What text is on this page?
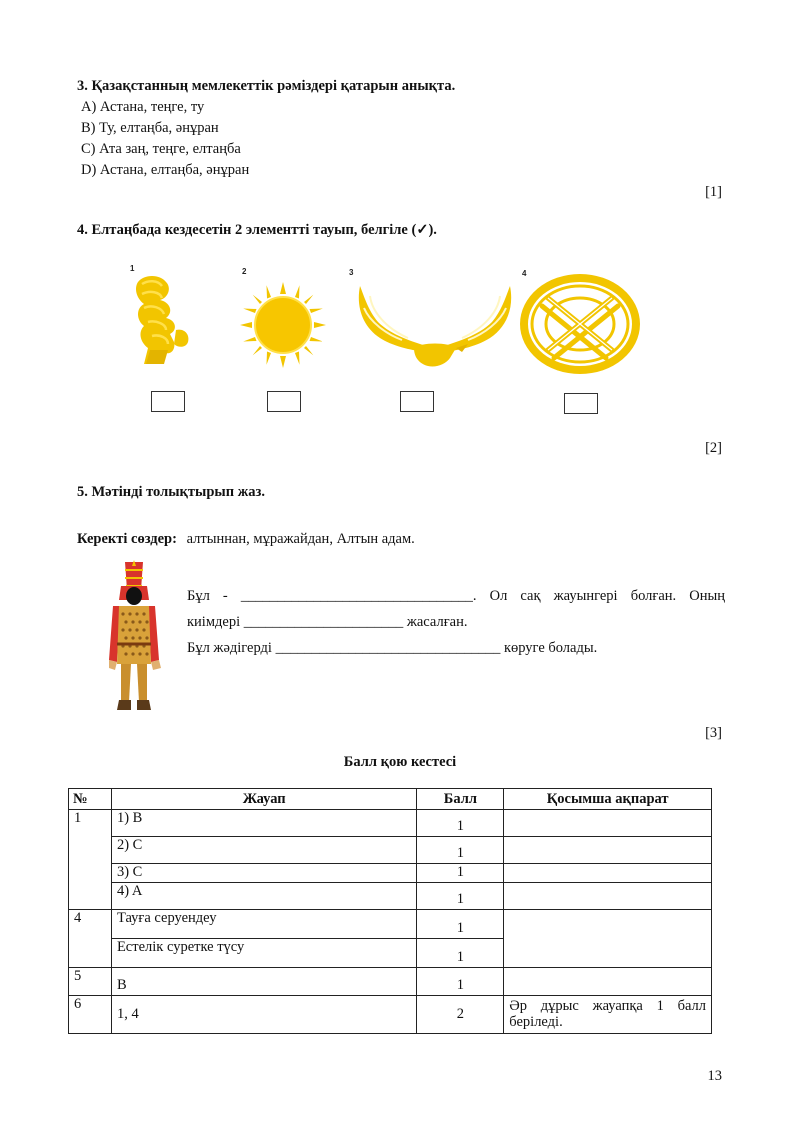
3. Қазақстанның мемлекеттік рәміздері қатарын анықта.
A) Астана, теңге, ту
B) Ту, елтаңба, әнұран
C) Ата заң, теңге, елтаңба
D) Астана, елтаңба, әнұран
[1]
4. Елтаңбада кездесетін 2 элементті тауып, белгіле (✓).
1	2	3	4
[2]
5. Мәтінді толықтырып жаз.
Керекті сөздер: алтыннан, мұражайдан, Алтын адам.
Бұл - ________________________________. Ол сақ жауынгері болған. Оның
киімдері ______________________ жасалған.
Бұл жәдігерді _______________________________ көруге болады.
[3]
Балл қою кестесі
№	Жауап	Балл	Қосымша ақпарат
1	1) B	1	
	2) C	1	
	3) C	1	
	4) A	1	
4	Тауға серуендеу	1	
	Естелік суретке түсу	1	
5	B	1	
6	1, 4	2	Әр дұрыс жауапқа 1 балл беріледі.
13
